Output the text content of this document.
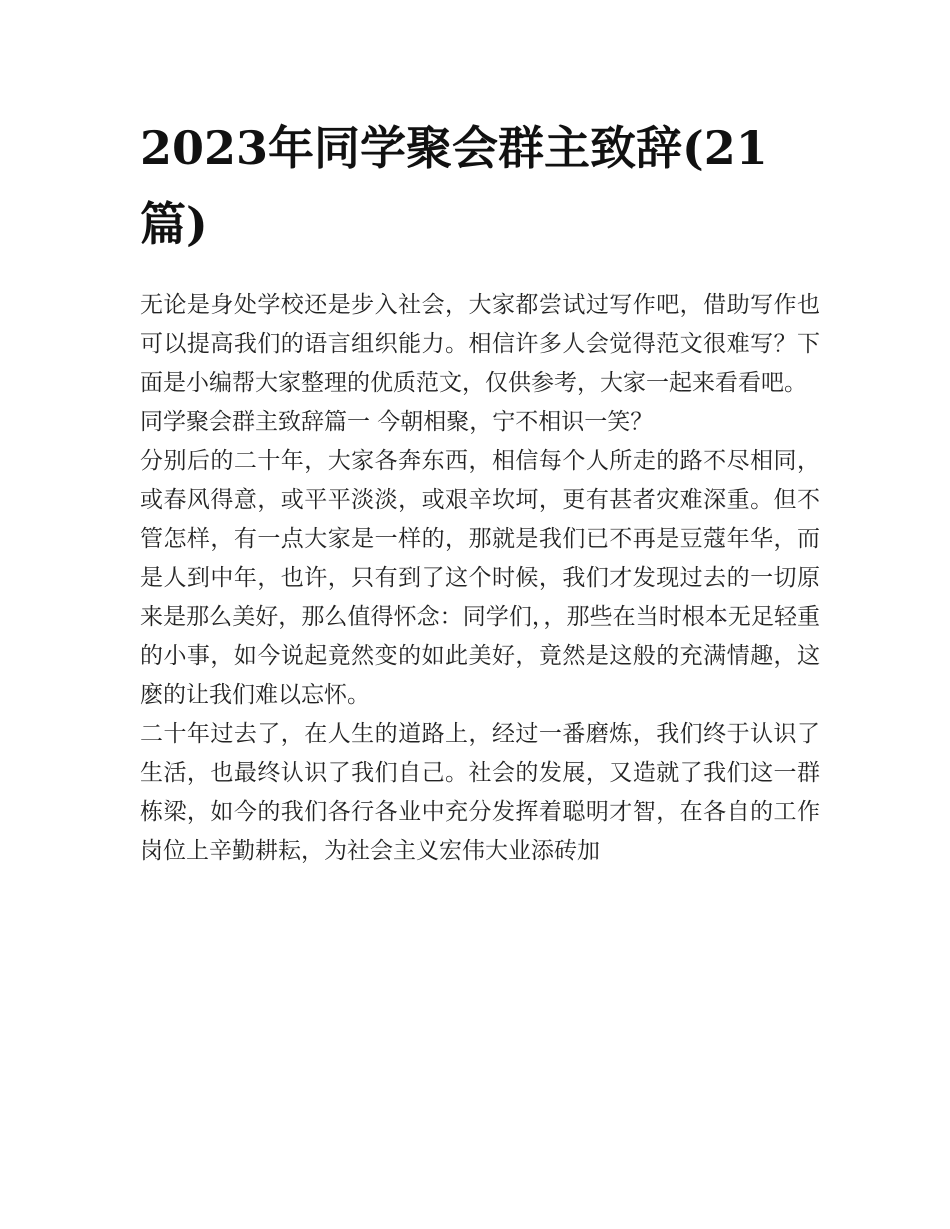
2023年同学聚会群主致辞(21篇)

无论是身处学校还是步入社会，大家都尝试过写作吧，借助写作也可以提高我们的语言组织能力。相信许多人会觉得范文很难写？下面是小编帮大家整理的优质范文，仅供参考，大家一起来看看吧。

同学聚会群主致辞篇一 今朝相聚，宁不相识一笑？

分别后的二十年，大家各奔东西，相信每个人所走的路不尽相同，或春风得意，或平平淡淡，或艰辛坎坷，更有甚者灾难深重。但不管怎样，有一点大家是一样的，那就是我们已不再是豆蔻年华，而是人到中年，也许，只有到了这个时候，我们才发现过去的一切原来是那么美好，那么值得怀念：同学们，，那些在当时根本无足轻重的小事，如今说起竟然变的如此美好，竟然是这般的充满情趣，这麽的让我们难以忘怀。

二十年过去了，在人生的道路上，经过一番磨炼，我们终于认识了生活，也最终认识了我们自己。社会的发展，又造就了我们这一群栋梁，如今的我们各行各业中充分发挥着聪明才智，在各自的工作岗位上辛勤耕耘，为社会主义宏伟大业添砖加
